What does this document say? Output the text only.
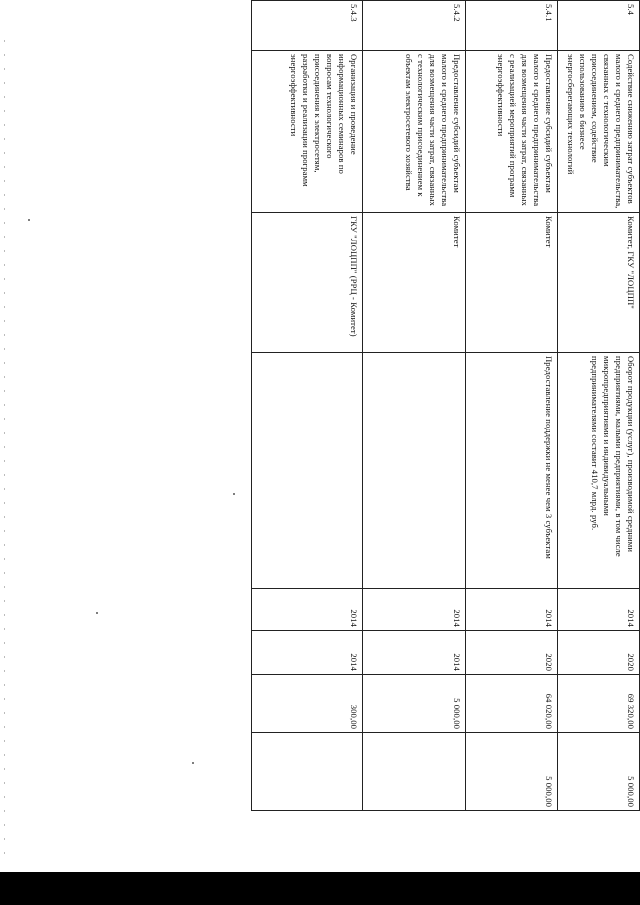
5.4	Содействие снижению затрат субъектов малого и среднего предпринимательства, связанных с технологическим присоединением, содействие использованию в бизнесе энергосберегающих технологий	Комитет, ГКУ "ЛОЦПП"	Оборот продукции (услуг), производимой средними предприятиями, малыми предприятиями, в том числе микропредприятиями и индивидуальными предпринимателями составит 410,7 млрд. руб.	2014	2020	69 320,00	5 000,00
5.4.1	Предоставление субсидий субъектам малого и среднего предпринимательства для возмещения части затрат, связанных с реализацией мероприятий программ энергоэффективности	Комитет	Предоставление поддержки не менее чем 3 субъектам	2014	2020	64 020,00	5 000,00
5.4.2	Предоставление субсидий субъектам малого и среднего предпринимательства для возмещения части затрат, связанных с технологическим присоединением к объектам электросетевого хозяйства	Комитет		2014	2014	5 000,00	
5.4.3	Организация и проведение информационных семинаров по вопросам технологического присоединения к электросетям, разработки и реализации программ энергоэффективности	ГКУ "ЛОЦПП" (РРЦ - Комитет)		2014	2014	300,00	
